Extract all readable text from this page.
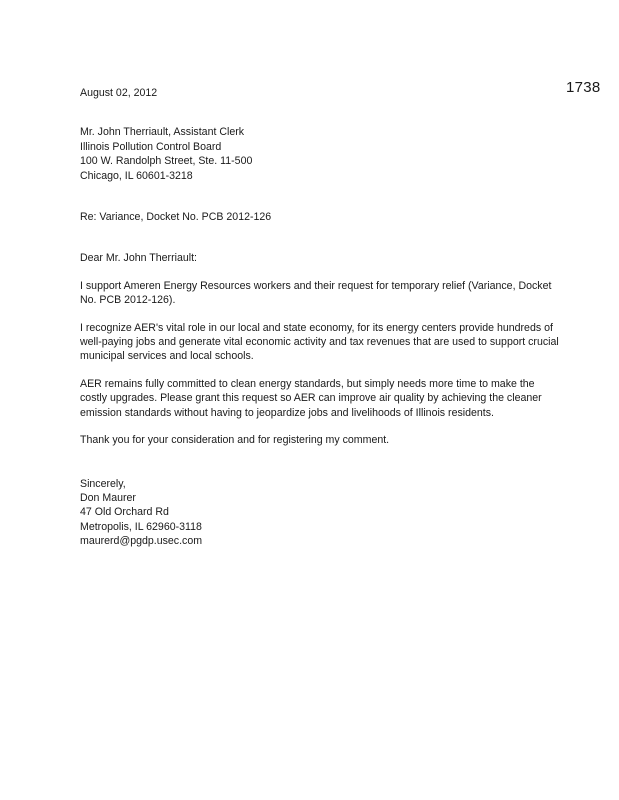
1738

August 02, 2012

Mr. John Therriault, Assistant Clerk
Illinois Pollution Control Board
100 W. Randolph Street, Ste. 11-500
Chicago, IL 60601-3218

Re: Variance, Docket No. PCB 2012-126

Dear Mr. John Therriault:

I support Ameren Energy Resources workers and their request for temporary relief (Variance, Docket No. PCB 2012-126).

I recognize AER's vital role in our local and state economy, for its energy centers provide hundreds of well-paying jobs and generate vital economic activity and tax revenues that are used to support crucial municipal services and local schools.

AER remains fully committed to clean energy standards, but simply needs more time to make the costly upgrades. Please grant this request so AER can improve air quality by achieving the cleaner emission standards without having to jeopardize jobs and livelihoods of Illinois residents.

Thank you for your consideration and for registering my comment.

Sincerely,
Don Maurer
47 Old Orchard Rd
Metropolis, IL 62960-3118
maurerd@pgdp.usec.com
